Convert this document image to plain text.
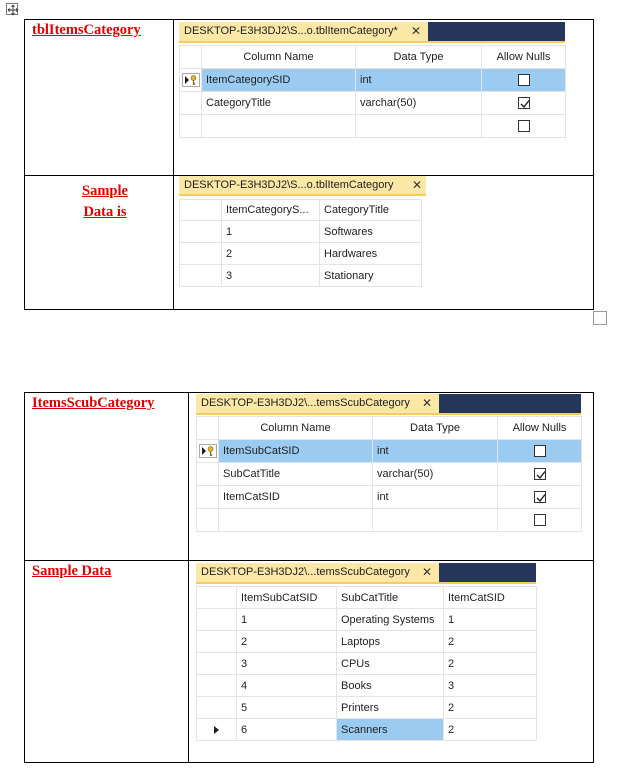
tblItemsCategory	

Sample
Data is	

DESKTOP-E3H3DJ2\S...o.tblItemCategory* ✕
	Column Name	Data Type	Allow Nulls
	ItemCategorySID	int	
	CategoryTitle	varchar(50)	

DESKTOP-E3H3DJ2\S...o.tblItemCategory ✕
	ItemCategoryS...	CategoryTitle
	1	Softwares
	2	Hardwares
	3	Stationary
ItemsScubCategory	
Sample Data	
DESKTOP-E3H3DJ2\...temsScubCategory ✕
	Column Name	Data Type	Allow Nulls
	ItemSubCatSID	int	
	SubCatTitle	varchar(50)	

	ItemCatSID	int	

DESKTOP-E3H3DJ2\...temsScubCategory ✕
	ItemSubCatSID	SubCatTitle	ItemCatSID
	1	Operating Systems	1
	2	Laptops	2
	3	CPUs	2
	4	Books	3
	5	Printers	2
	6	Scanners	2
